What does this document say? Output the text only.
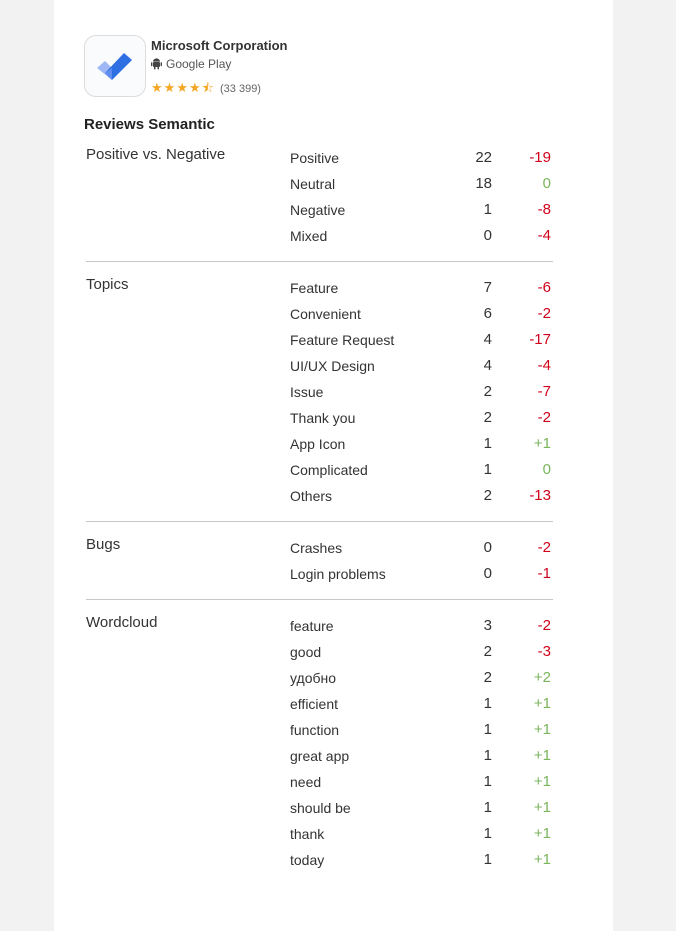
Microsoft Corporation
Google Play
★★★★⯪ (33 399)
Reviews Semantic
Positive vs. Negative	Positive	22 -19
Neutral	18	0
Negative	1	-8
Mixed	0	-4
Topics	Feature	7	-6
Convenient	6	-2
Feature Request	4 -17
UI/UX Design	4	-4
Issue	2	-7
Thank you	2	-2
App Icon	1	+1
Complicated	1	0
Others	2 -13
Bugs	Crashes	0	-2
Login problems	0	-1
Wordcloud	feature	3	-2
good	2	-3
удобно	2	+2
efficient	1	+1
function	1	+1
great app	1	+1
need	1	+1
should be	1	+1
thank	1	+1
today	1	+1
